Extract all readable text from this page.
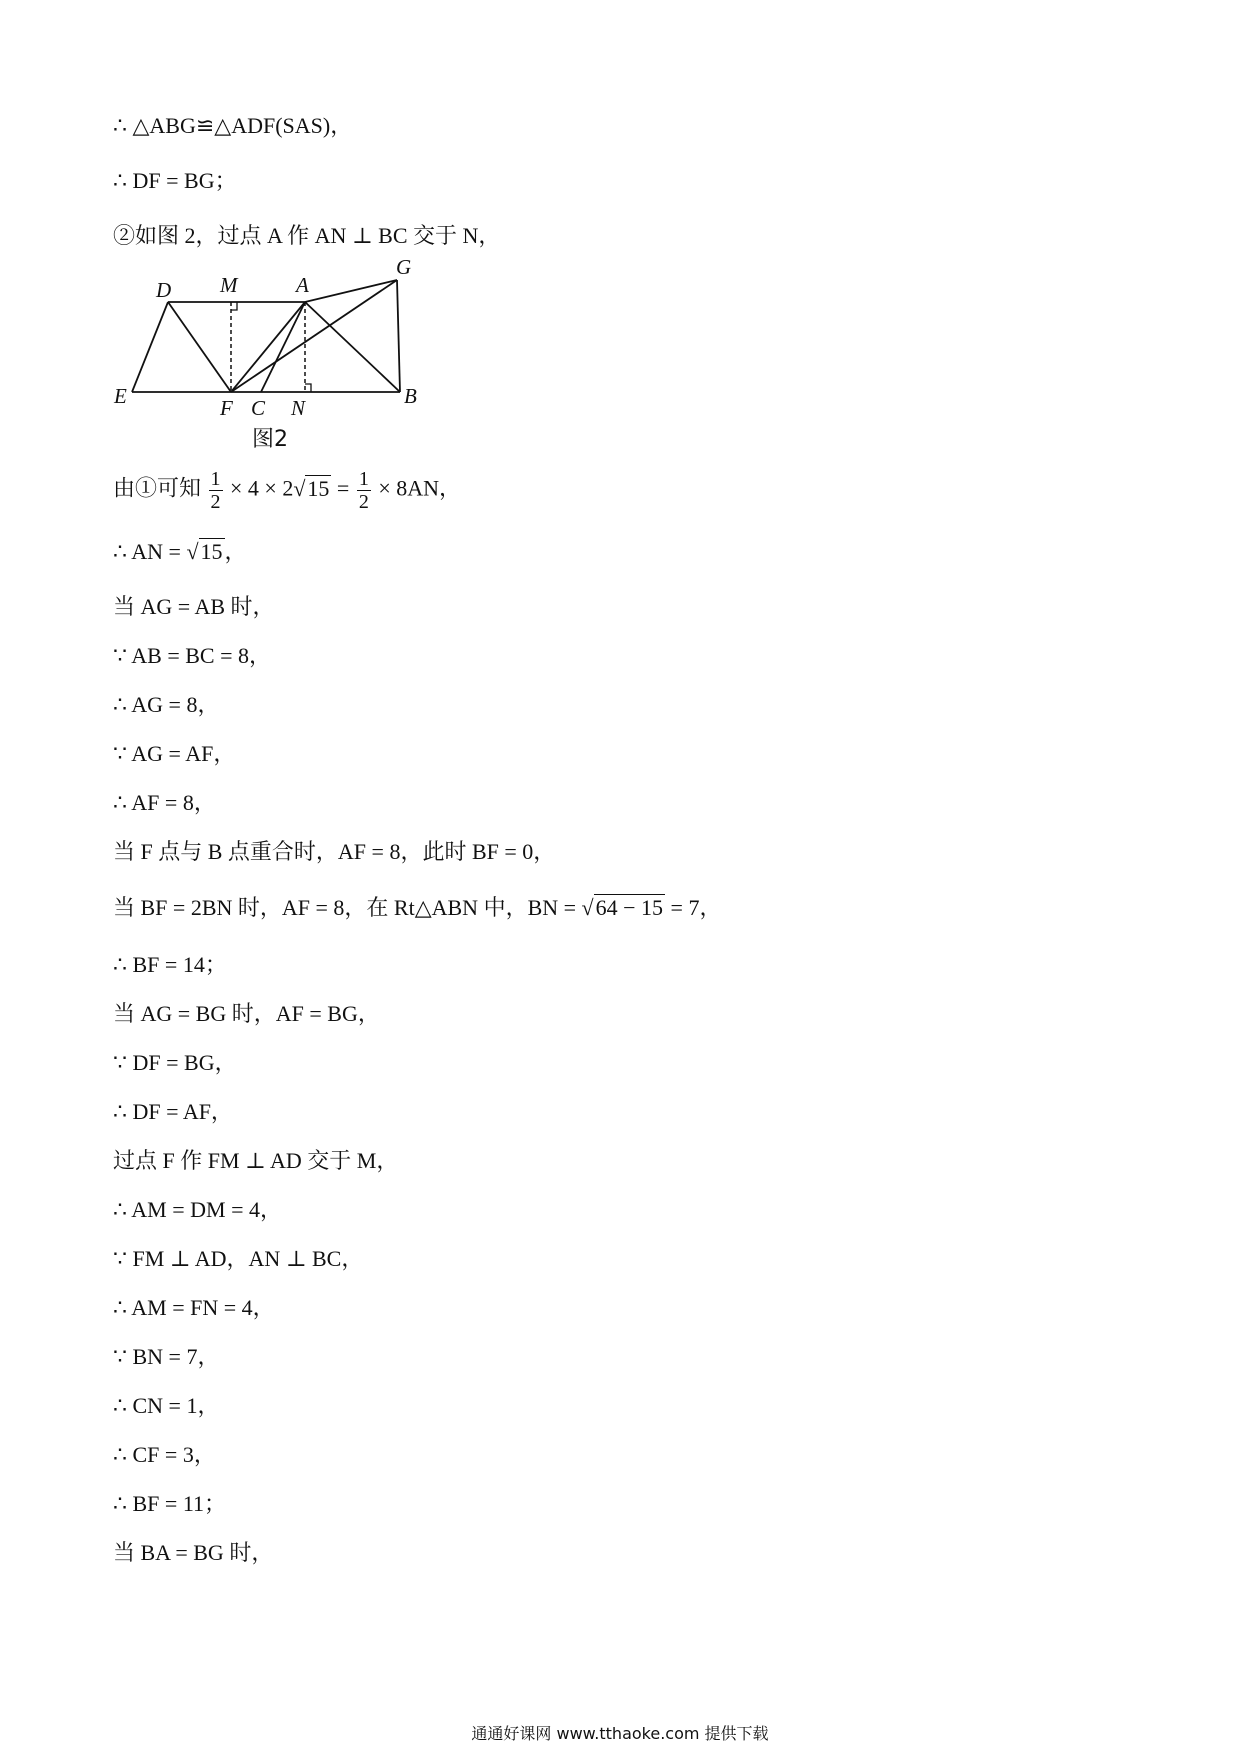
∴ △ABG≌△ADF(SAS)，
∴ DF = BG；
②如图 2，过点 A 作 AN ⊥ BC 交于 N，
由①可知 $\frac{1}{2} \times 4 \times 2√15 = \frac{1}{2} \times 8AN$，
∴ AN = √15，
当 AG = AB 时，
∵ AB = BC = 8，
∴ AG = 8，
∵ AG = AF，
∴ AF = 8，
当 F 点与 B 点重合时，AF = 8，此时 BF = 0，
当 BF = 2BN 时，AF = 8，在 Rt△ABN 中，BN = √64 − 15 = 7，
∴ BF = 14；
当 AG = BG 时，AF = BG，
∵ DF = BG，
∴ DF = AF，
过点 F 作 FM ⊥ AD 交于 M，
∴ AM = DM = 4，
∵ FM ⊥ AD，AN ⊥ BC，
∴ AM = FN = 4，
∵ BN = 7，
∴ CN = 1，
∴ CF = 3，
∴ BF = 11；
当 BA = BG 时，
D M	A
G
E	F C N	B
图2
通通好课网 www.tthaoke.com 提供下载
